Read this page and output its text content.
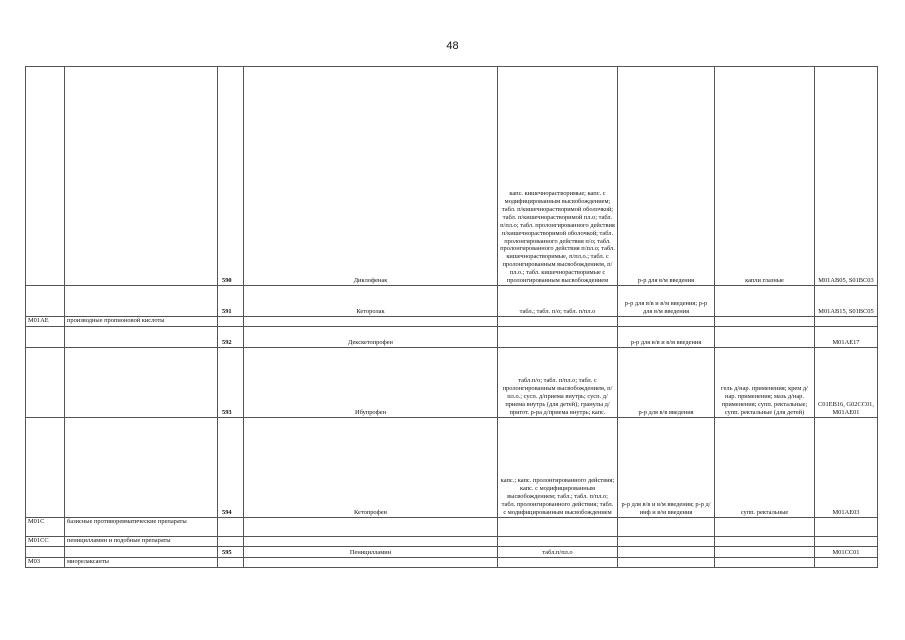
48
		590	Диклофенак	капс. кишечнорастворимые; капс. с модифицированным высвобождением; табл. п/кишечнорастворимой оболочкой; табл. п/кишечнорастворимой пл.о; табл. п/пл.о; табл. пролонгированного действия п/кишечнорастворимой оболочкой; табл. пролонгированного действия п/о; табл. пролонгированного действия п/пл.о; табл. кишечнорастворимые, п/пл.о.; табл. с пролонгированным высвобождением, п/пл.о.; табл. кишечнорастворимые с пролонгированным высвобождением	р-р для в/м введения	капли глазные	M01AB05, S01BC03
		591	Кеторолак	табл.; табл. п/о; табл. п/пл.о	р-р для в/в и в/м введения; р-р для в/м введения		M01AB15, S01BC05
M01AE	производные пропионовой кислоты						
		592	Декскетопрофен		р-р для в/в и в/м введения		M01AE17
		593	Ибупрофен	табл.п/о; табл. п/пл.о; табл. с пролонгированным высвобождением, п/пл.о.; сусп. д/приема внутрь; сусп. д/приема внутрь (для детей); гранулы д/пригот. р-ра д/приема внутрь; капс.	р-р для в/в введения	гель д/нар. применения; крем д/нар. применения; мазь д/нар. применения; супп. ректальные; супп. ректальные (для детей)	C01EB16, G02CC01, M01AE01
		594	Кетопрофен	капс.; капс. пролонгированного действия; капс. с модифицированным высвобождением; табл.; табл. п/пл.о; табл. пролонгированного действия; табл. с модифицированным высвобождением	р-р для в/в и в/м введения; р-р д/инф и в/м введения	супп. ректальные	M01AE03
M01C	базисные противоревматические препараты						
M01CC	пеницилламин и подобные препараты						
		595	Пеницилламин	табл.п/пл.о			M01CC01
M03	миорелаксанты						
